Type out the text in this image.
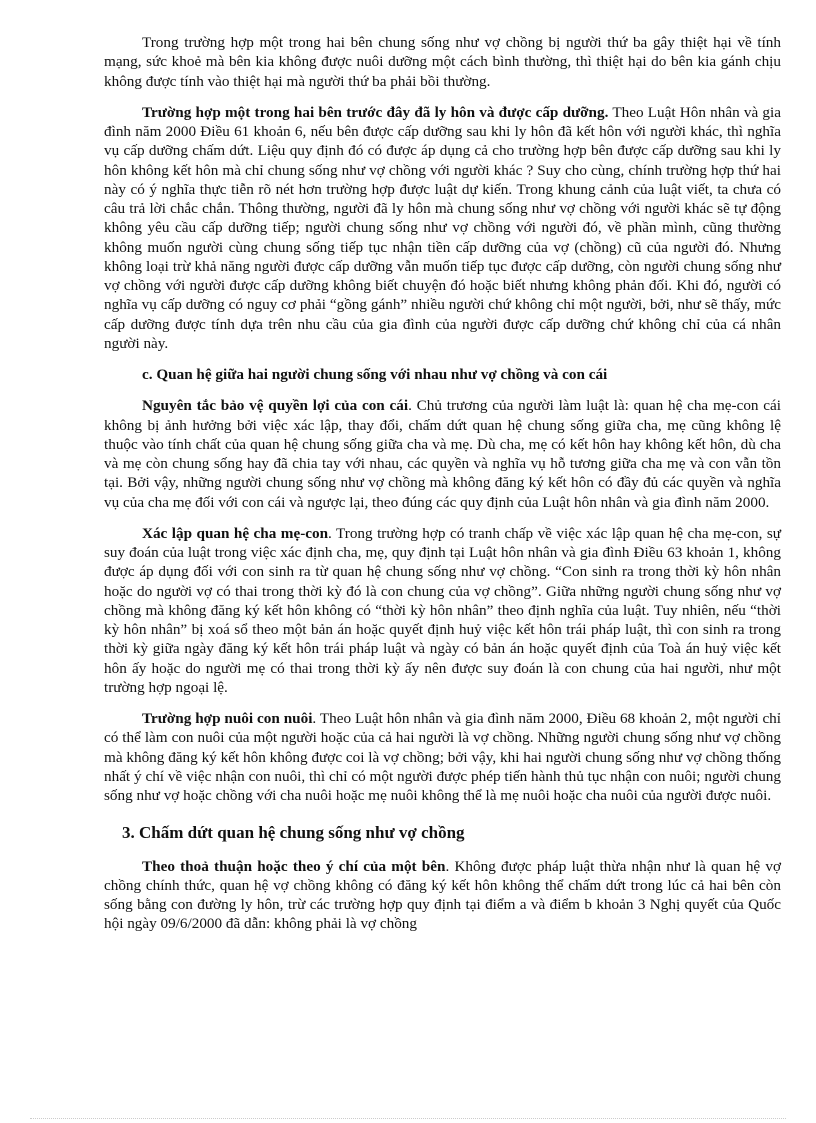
Trong trường hợp một trong hai bên chung sống như vợ chồng bị người thứ ba gây thiệt hại về tính mạng, sức khoẻ mà bên kia không được nuôi dưỡng một cách bình thường, thì thiệt hại do bên kia gánh chịu không được tính vào thiệt hại mà người thứ ba phải bồi thường.

Trường hợp một trong hai bên trước đây đã ly hôn và được cấp dưỡng. Theo Luật Hôn nhân và gia đình năm 2000 Điều 61 khoản 6, nếu bên được cấp dưỡng sau khi ly hôn đã kết hôn với người khác, thì nghĩa vụ cấp dưỡng chấm dứt. Liệu quy định đó có được áp dụng cả cho trường hợp bên được cấp dưỡng sau khi ly hôn không kết hôn mà chỉ chung sống như vợ chồng với người khác ? Suy cho cùng, chính trường hợp thứ hai này có ý nghĩa thực tiễn rõ nét hơn trường hợp được luật dự kiến. Trong khung cảnh của luật viết, ta chưa có câu trả lời chắc chắn. Thông thường, người đã ly hôn mà chung sống như vợ chồng với người khác sẽ tự động không yêu cầu cấp dưỡng tiếp; người chung sống như vợ chồng với người đó, về phần mình, cũng thường không muốn người cùng chung sống tiếp tục nhận tiền cấp dưỡng của vợ (chồng) cũ của người đó. Nhưng không loại trừ khả năng người được cấp dưỡng vẫn muốn tiếp tục được cấp dưỡng, còn người chung sống như vợ chồng với người được cấp dưỡng không biết chuyện đó hoặc biết nhưng không phản đối. Khi đó, người có nghĩa vụ cấp dưỡng có nguy cơ phải “gồng gánh” nhiều người chứ không chỉ một người, bởi, như sẽ thấy, mức cấp dưỡng được tính dựa trên nhu cầu của gia đình của người được cấp dưỡng chứ không chỉ của cá nhân người này.

c. Quan hệ giữa hai người chung sống với nhau như vợ chồng và con cái

Nguyên tắc bảo vệ quyền lợi của con cái. Chủ trương của người làm luật là: quan hệ cha mẹ-con cái không bị ảnh hưởng bởi việc xác lập, thay đổi, chấm dứt quan hệ chung sống giữa cha, mẹ cũng không lệ thuộc vào tính chất của quan hệ chung sống giữa cha và mẹ. Dù cha, mẹ có kết hôn hay không kết hôn, dù cha và mẹ còn chung sống hay đã chia tay với nhau, các quyền và nghĩa vụ hỗ tương giữa cha mẹ và con vẫn tồn tại. Bởi vậy, những người chung sống như vợ chồng mà không đăng ký kết hôn có đầy đủ các quyền và nghĩa vụ của cha mẹ đối với con cái và ngược lại, theo đúng các quy định của Luật hôn nhân và gia đình năm 2000.

Xác lập quan hệ cha mẹ-con. Trong trường hợp có tranh chấp về việc xác lập quan hệ cha mẹ-con, sự suy đoán của luật trong việc xác định cha, mẹ, quy định tại Luật hôn nhân và gia đình Điều 63 khoản 1, không được áp dụng đối với con sinh ra từ quan hệ chung sống như vợ chồng. “Con sinh ra trong thời kỳ hôn nhân hoặc do người vợ có thai trong thời kỳ đó là con chung của vợ chồng”. Giữa những người chung sống như vợ chồng mà không đăng ký kết hôn không có “thời kỳ hôn nhân” theo định nghĩa của luật. Tuy nhiên, nếu “thời kỳ hôn nhân” bị xoá sổ theo một bản án hoặc quyết định huỷ việc kết hôn trái pháp luật, thì con sinh ra trong thời kỳ giữa ngày đăng ký kết hôn trái pháp luật và ngày có bản án hoặc quyết định của Toà án huỷ việc kết hôn ấy hoặc do người mẹ có thai trong thời kỳ ấy nên được suy đoán là con chung của hai người, như một trường hợp ngoại lệ.

Trường hợp nuôi con nuôi. Theo Luật hôn nhân và gia đình năm 2000, Điều 68 khoản 2, một người chỉ có thể làm con nuôi của một người hoặc của cả hai người là vợ chồng. Những người chung sống như vợ chồng mà không đăng ký kết hôn không được coi là vợ chồng; bởi vậy, khi hai người chung sống như vợ chồng thống nhất ý chí về việc nhận con nuôi, thì chỉ có một người được phép tiến hành thủ tục nhận con nuôi; người chung sống như vợ hoặc chồng với cha nuôi hoặc mẹ nuôi không thể là mẹ nuôi hoặc cha nuôi của người được nuôi.

3. Chấm dứt quan hệ chung sống như vợ chồng

Theo thoả thuận hoặc theo ý chí của một bên. Không được pháp luật thừa nhận như là quan hệ vợ chồng chính thức, quan hệ vợ chồng không có đăng ký kết hôn không thể chấm dứt trong lúc cả hai bên còn sống bằng con đường ly hôn, trừ các trường hợp quy định tại điểm a và điểm b khoản 3 Nghị quyết của Quốc hội ngày 09/6/2000 đã dẫn: không phải là vợ chồng
